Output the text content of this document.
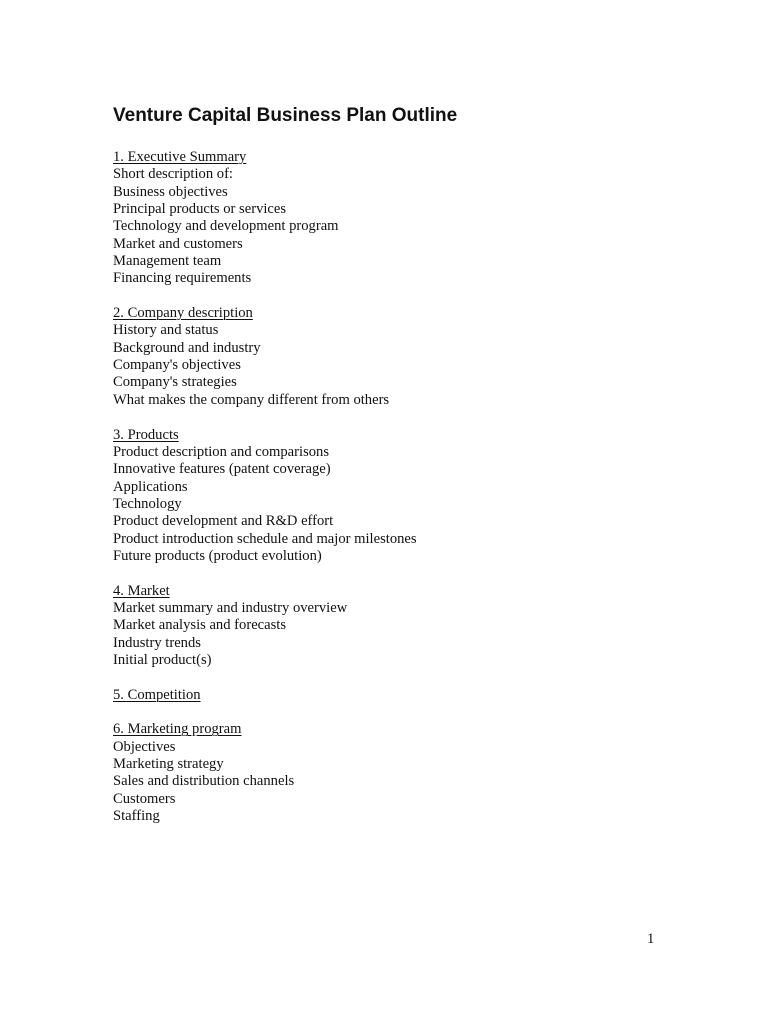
Venture Capital Business Plan Outline
1. Executive Summary
Short description of:
Business objectives
Principal products or services
Technology and development program
Market and customers
Management team
Financing requirements
2. Company description
History and status
Background and industry
Company's objectives
Company's strategies
What makes the company different from others
3. Products
Product description and comparisons
Innovative features (patent coverage)
Applications
Technology
Product development and R&D effort
Product introduction schedule and major milestones
Future products (product evolution)
4. Market
Market summary and industry overview
Market analysis and forecasts
Industry trends
Initial product(s)
5. Competition
6. Marketing program
Objectives
Marketing strategy
Sales and distribution channels
Customers
Staffing
1
